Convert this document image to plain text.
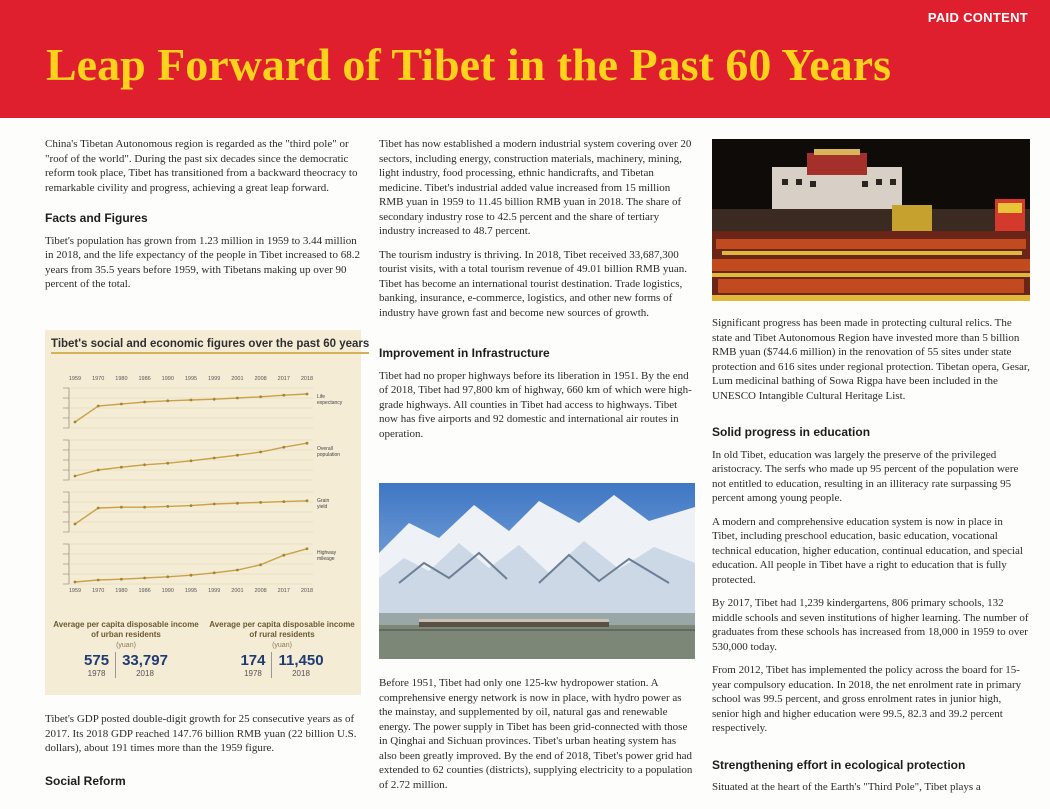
PAID CONTENT
Leap Forward of Tibet in the Past 60 Years

China's Tibetan Autonomous region is regarded as the "third pole" or "roof of the world". During the past six decades since the democratic reform took place, Tibet has transitioned from a backward theocracy to remarkable civility and progress, achieving a great leap forward.

Facts and Figures

Tibet's population has grown from 1.23 million in 1959 to 3.44 million in 2018, and the life expectancy of the people in Tibet increased to 68.2 years from 35.5 years before 1959, with Tibetans making up over 90 percent of the total.

Tibet's social and economic figures over the past 60 years
1959 1970 1980 1986 1990 1995 1999 2001 2008 2017 2018
Life expectancy
Overall population
Grain yield
Highway mileage
1959 1970 1980 1986 1990 1995 1999 2001 2008 2017 2018
Average per capita disposable income of urban residents
(yuan)
575
1978
33,797
2018
Average per capita disposable income of rural residents
(yuan)
174
1978
11,450
2018

Tibet's GDP posted double-digit growth for 25 consecutive years as of 2017. Its 2018 GDP reached 147.76 billion RMB yuan (22 billion U.S. dollars), about 191 times more than the 1959 figure.

Social Reform

Tibet has now established a modern industrial system covering over 20 sectors, including energy, construction materials, machinery, mining, light industry, food processing, ethnic handicrafts, and Tibetan medicine. Tibet's industrial added value increased from 15 million RMB yuan in 1959 to 11.45 billion RMB yuan in 2018. The share of secondary industry rose to 42.5 percent and the share of tertiary industry increased to 48.7 percent.

The tourism industry is thriving. In 2018, Tibet received 33,687,300 tourist visits, with a total tourism revenue of 49.01 billion RMB yuan. Tibet has become an international tourist destination. Trade logistics, banking, insurance, e-commerce, logistics, and other new forms of industry have grown fast and become new sources of growth.

Improvement in Infrastructure

Tibet had no proper highways before its liberation in 1951. By the end of 2018, Tibet had 97,800 km of highway, 660 km of which were high-grade highways. All counties in Tibet had access to highways. Tibet now has five airports and 92 domestic and international air routes in operation.

Before 1951, Tibet had only one 125-kw hydropower station. A comprehensive energy network is now in place, with hydro power as the mainstay, and supplemented by oil, natural gas and renewable energy. The power supply in Tibet has been grid-connected with those in Qinghai and Sichuan provinces. Tibet's urban heating system has also been greatly improved. By the end of 2018, Tibet's power grid had extended to 62 counties (districts), supplying electricity to a population of 2.72 million.

Significant progress has been made in protecting cultural relics. The state and Tibet Autonomous Region have invested more than 5 billion RMB yuan ($744.6 million) in the renovation of 55 sites under state protection and 616 sites under regional protection. Tibetan opera, Gesar, Lum medicinal bathing of Sowa Rigpa have been included in the UNESCO Intangible Cultural Heritage List.

Solid progress in education

In old Tibet, education was largely the preserve of the privileged aristocracy. The serfs who made up 95 percent of the population were not entitled to education, resulting in an illiteracy rate surpassing 95 percent among young people.

A modern and comprehensive education system is now in place in Tibet, including preschool education, basic education, vocational technical education, higher education, continual education, and special education. All people in Tibet have a right to education that is fully protected.

By 2017, Tibet had 1,239 kindergartens, 806 primary schools, 132 middle schools and seven institutions of higher learning. The number of graduates from these schools has increased from 18,000 in 1959 to over 530,000 today.

From 2012, Tibet has implemented the policy across the board for 15-year compulsory education. In 2018, the net enrolment rate in primary school was 99.5 percent, and gross enrolment rates in junior high, senior high and higher education were 99.5, 82.3 and 39.2 percent respectively.

Strengthening effort in ecological protection

Situated at the heart of the Earth's "Third Pole", Tibet plays a
